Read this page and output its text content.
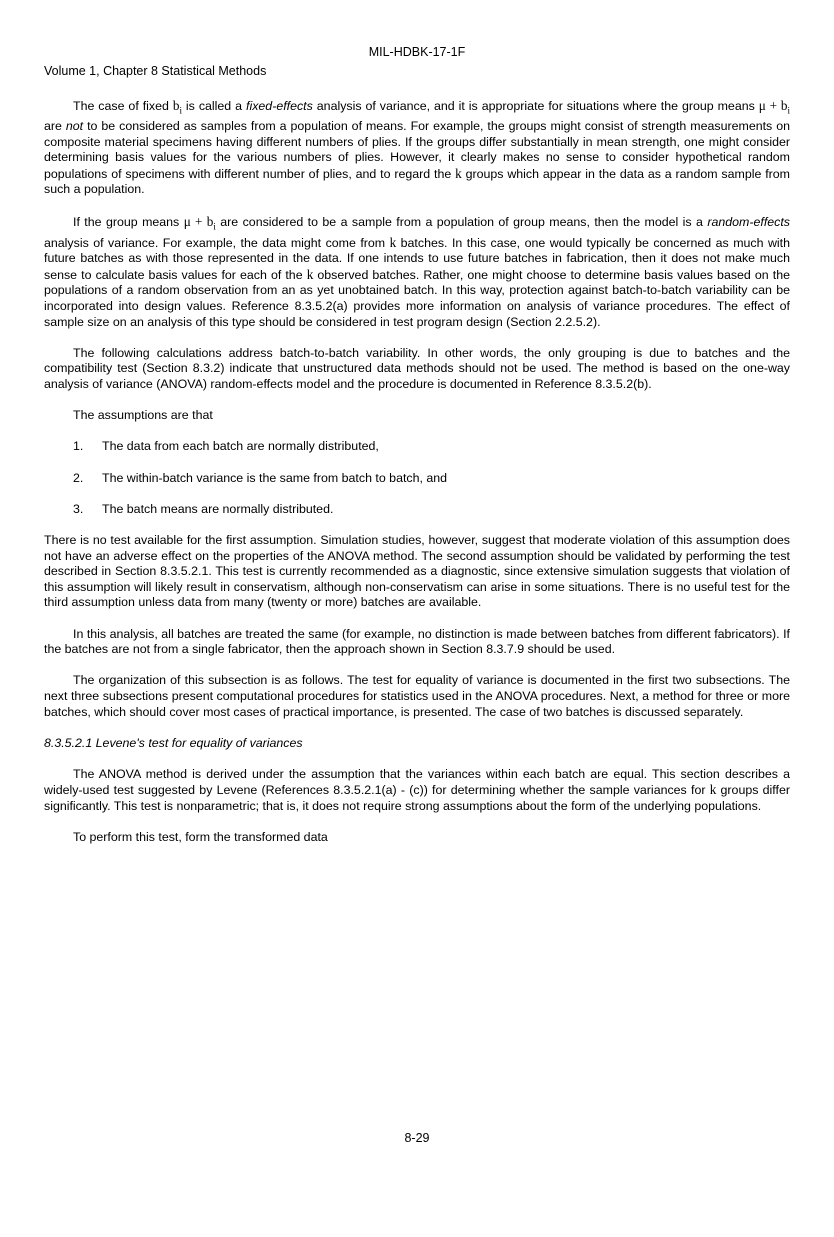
MIL-HDBK-17-1F
Volume 1, Chapter 8 Statistical Methods

The case of fixed $b_i$ is called a fixed-effects analysis of variance, and it is appropriate for situations where the group means $\mu + b_i$ are not to be considered as samples from a population of means. For example, the groups might consist of strength measurements on composite material specimens having different numbers of plies. If the groups differ substantially in mean strength, one might consider determining basis values for the various numbers of plies. However, it clearly makes no sense to consider hypothetical random populations of specimens with different number of plies, and to regard the k groups which appear in the data as a random sample from such a population.

If the group means $\mu + b_i$ are considered to be a sample from a population of group means, then the model is a random-effects analysis of variance. For example, the data might come from k batches. In this case, one would typically be concerned as much with future batches as with those represented in the data. If one intends to use future batches in fabrication, then it does not make much sense to calculate basis values for each of the k observed batches. Rather, one might choose to determine basis values based on the populations of a random observation from an as yet unobtained batch. In this way, protection against batch-to-batch variability can be incorporated into design values. Reference 8.3.5.2(a) provides more information on analysis of variance procedures. The effect of sample size on an analysis of this type should be considered in test program design (Section 2.2.5.2).

The following calculations address batch-to-batch variability. In other words, the only grouping is due to batches and the compatibility test (Section 8.3.2) indicate that unstructured data methods should not be used. The method is based on the one-way analysis of variance (ANOVA) random-effects model and the procedure is documented in Reference 8.3.5.2(b).

The assumptions are that

1.	The data from each batch are normally distributed,
2.	The within-batch variance is the same from batch to batch, and
3.	The batch means are normally distributed.

There is no test available for the first assumption. Simulation studies, however, suggest that moderate violation of this assumption does not have an adverse effect on the properties of the ANOVA method. The second assumption should be validated by performing the test described in Section 8.3.5.2.1. This test is currently recommended as a diagnostic, since extensive simulation suggests that violation of this assumption will likely result in conservatism, although non-conservatism can arise in some situations. There is no useful test for the third assumption unless data from many (twenty or more) batches are available.

In this analysis, all batches are treated the same (for example, no distinction is made between batches from different fabricators). If the batches are not from a single fabricator, then the approach shown in Section 8.3.7.9 should be used.

The organization of this subsection is as follows. The test for equality of variance is documented in the first two subsections. The next three subsections present computational procedures for statistics used in the ANOVA procedures. Next, a method for three or more batches, which should cover most cases of practical importance, is presented. The case of two batches is discussed separately.

8.3.5.2.1 Levene's test for equality of variances

The ANOVA method is derived under the assumption that the variances within each batch are equal. This section describes a widely-used test suggested by Levene (References 8.3.5.2.1(a) - (c)) for determining whether the sample variances for k groups differ significantly. This test is nonparametric; that is, it does not require strong assumptions about the form of the underlying populations.

To perform this test, form the transformed data

8-29
